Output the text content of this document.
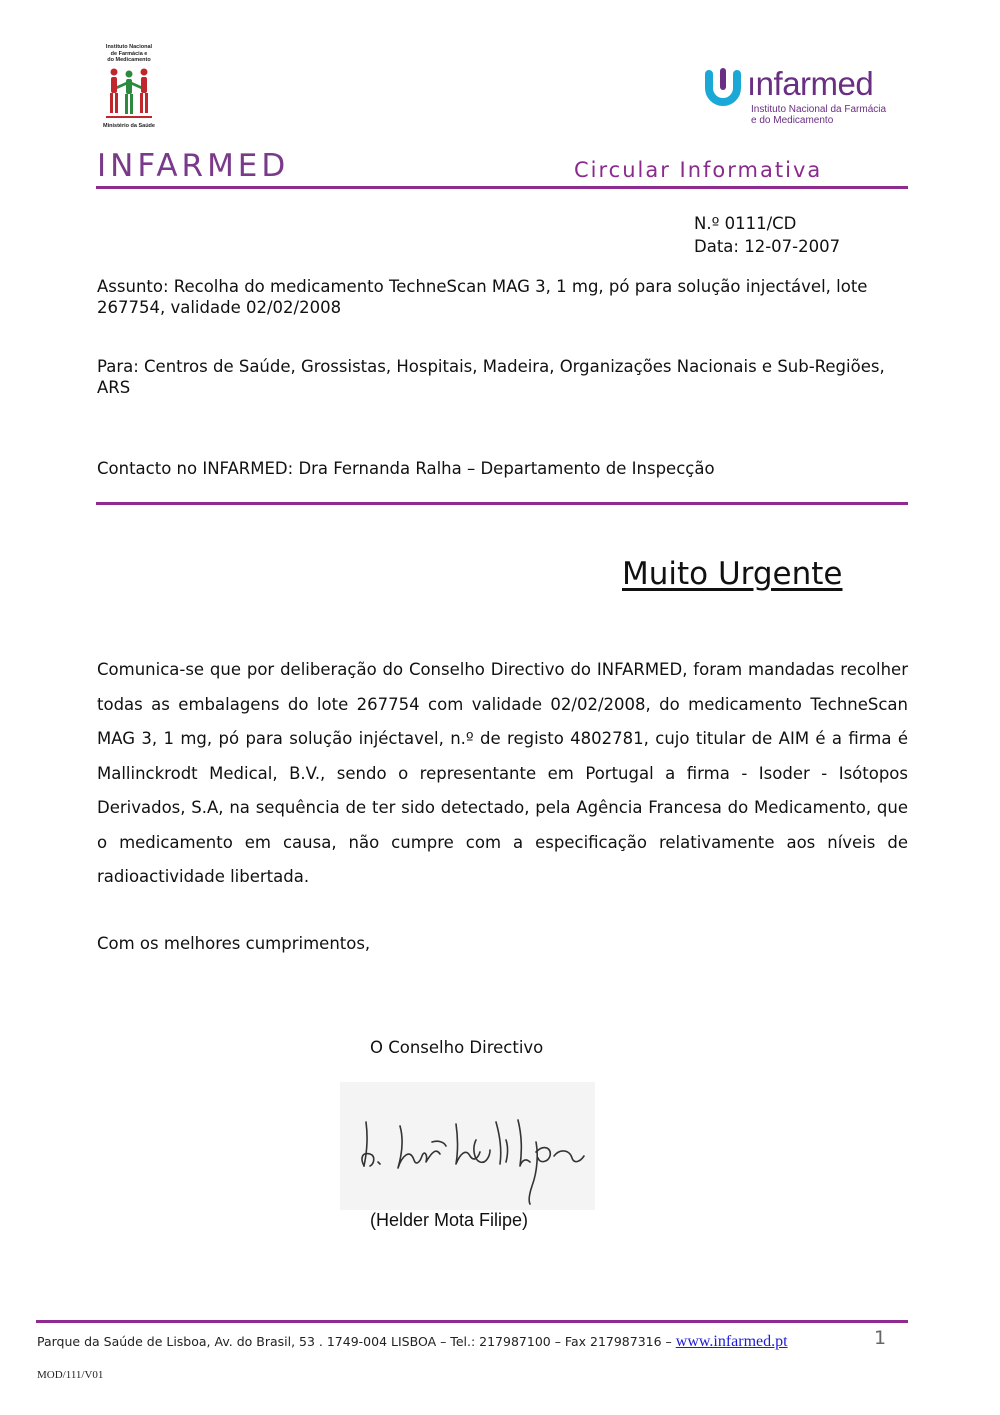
Instituto Nacional
de Farmácia e
do Medicamento
Ministério da Saúde
ınfarmed
Instituto Nacional da Farmácia
e do Medicamento
INFARMED	Circular Informativa
N.º 0111/CD
Data: 12-07-2007
Assunto: Recolha do medicamento TechneScan MAG 3, 1 mg, pó para solução injectável, lote 267754, validade 02/02/2008
Para: Centros de Saúde, Grossistas, Hospitais, Madeira, Organizações Nacionais e Sub-Regiões, ARS
Contacto no INFARMED: Dra Fernanda Ralha – Departamento de Inspecção
Muito Urgente
Comunica-se que por deliberação do Conselho Directivo do INFARMED, foram mandadas recolher todas as embalagens do lote 267754 com validade 02/02/2008, do medicamento TechneScan MAG 3, 1 mg, pó para solução injéctavel, n.º de registo 4802781, cujo titular de AIM é a firma é Mallinckrodt Medical, B.V., sendo o representante em Portugal a firma - Isoder - Isótopos Derivados, S.A, na sequência de ter sido detectado, pela Agência Francesa do Medicamento, que o medicamento em causa, não cumpre com a especificação relativamente aos níveis de radioactividade libertada.
Com os melhores cumprimentos,
O Conselho Directivo
(Helder Mota Filipe)
Parque da Saúde de Lisboa, Av. do Brasil, 53 . 1749-004 LISBOA – Tel.: 217987100 – Fax 217987316 – www.infarmed.pt	1
MOD/111/V01
